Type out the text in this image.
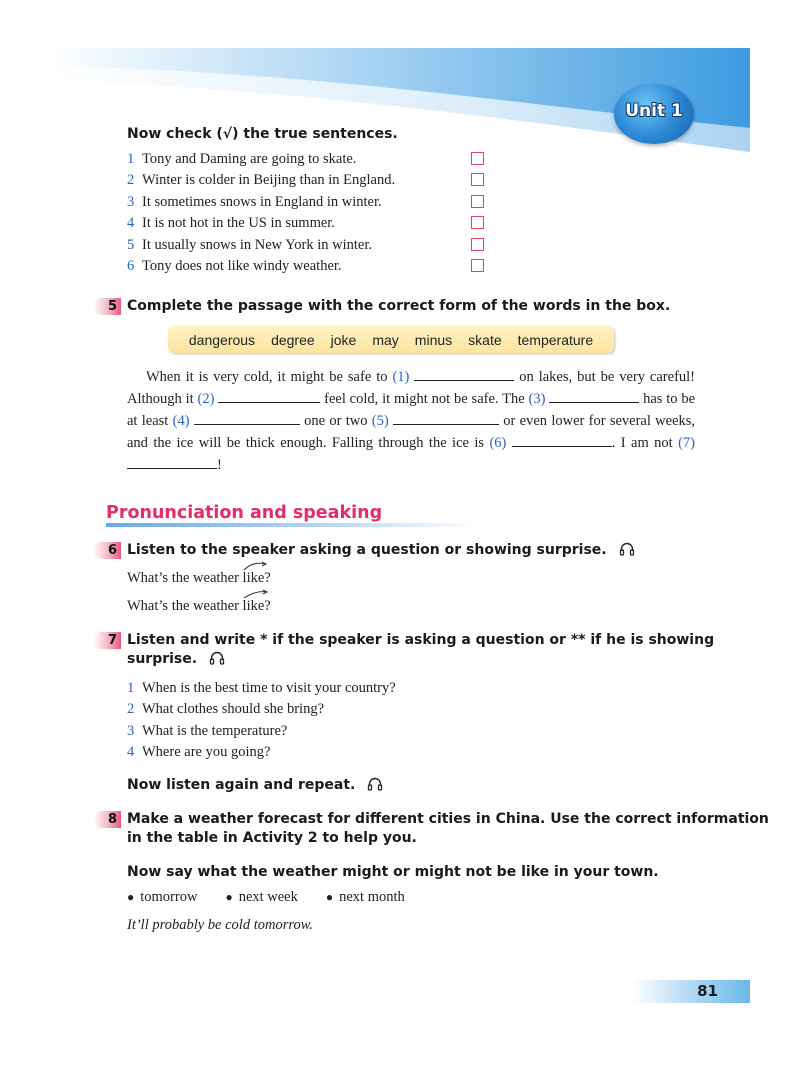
Unit 1
Now check (√) the true sentences.
1 Tony and Daming are going to skate.
2 Winter is colder in Beijing than in England.
3 It sometimes snows in England in winter.
4 It is not hot in the US in summer.
5 It usually snows in New York in winter.
6 Tony does not like windy weather.
5 Complete the passage with the correct form of the words in the box.
dangerous degree joke may minus skate temperature
When it is very cold, it might be safe to (1)	on lakes, but be very careful! Although it (2)	feel cold, it might not be safe. The (3)	has to be at least (4)	one or two (5)	or even lower for several weeks, and the ice will be thick enough. Falling through the ice is (6)	. I am not (7) !
Pronunciation and speaking
6 Listen to the speaker asking a question or showing surprise.
What’s the weather
like?
What’s the weather
like?
7 Listen and write * if the speaker is asking a question or ** if he is showing
surprise.
1 When is the best time to visit your country?
2 What clothes should she bring?
3 What is the temperature?
4 Where are you going?
Now listen again and repeat.
8 Make a weather forecast for different cities in China. Use the correct information
in the table in Activity 2 to help you.
Now say what the weather might or might not be like in your town.
● tomorrow ● next week ● next month
It’ll probably be cold tomorrow.
81
